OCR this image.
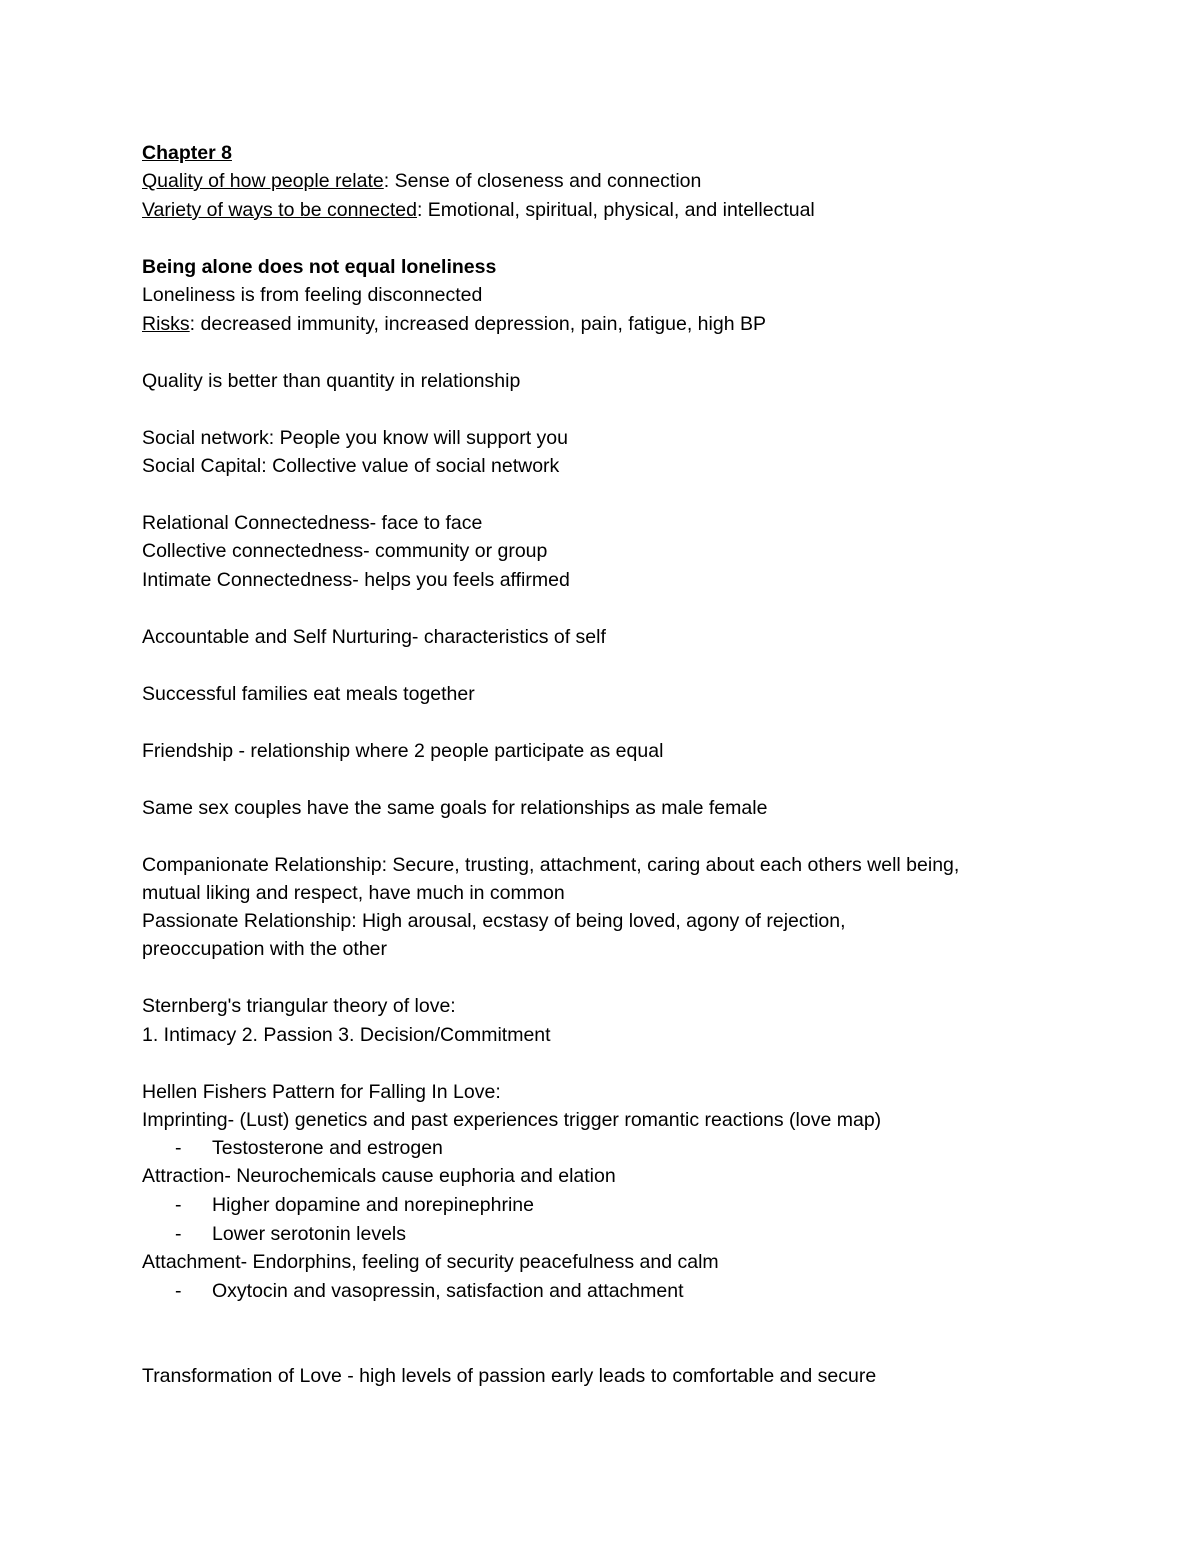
Chapter 8
Quality of how people relate: Sense of closeness and connection
Variety of ways to be connected: Emotional, spiritual, physical, and intellectual
Being alone does not equal loneliness
Loneliness is from feeling disconnected
Risks: decreased immunity, increased depression, pain, fatigue, high BP
Quality is better than quantity in relationship
Social network: People you know will support you
Social Capital: Collective value of social network
Relational Connectedness- face to face
Collective connectedness- community or group
Intimate Connectedness- helps you feels affirmed
Accountable and Self Nurturing- characteristics of self
Successful families eat meals together
Friendship - relationship where 2 people participate as equal
Same sex couples have the same goals for relationships as male female
Companionate Relationship: Secure, trusting, attachment, caring about each others well being,
mutual liking and respect, have much in common
Passionate Relationship: High arousal, ecstasy of being loved, agony of rejection,
preoccupation with the other
Sternberg's triangular theory of love:
1. Intimacy 2. Passion 3. Decision/Commitment
Hellen Fishers Pattern for Falling In Love:
Imprinting- (Lust) genetics and past experiences trigger romantic reactions (love map)
- Testosterone and estrogen
Attraction- Neurochemicals cause euphoria and elation
- Higher dopamine and norepinephrine
- Lower serotonin levels
Attachment- Endorphins, feeling of security peacefulness and calm
- Oxytocin and vasopressin, satisfaction and attachment
Transformation of Love - high levels of passion early leads to comfortable and secure
